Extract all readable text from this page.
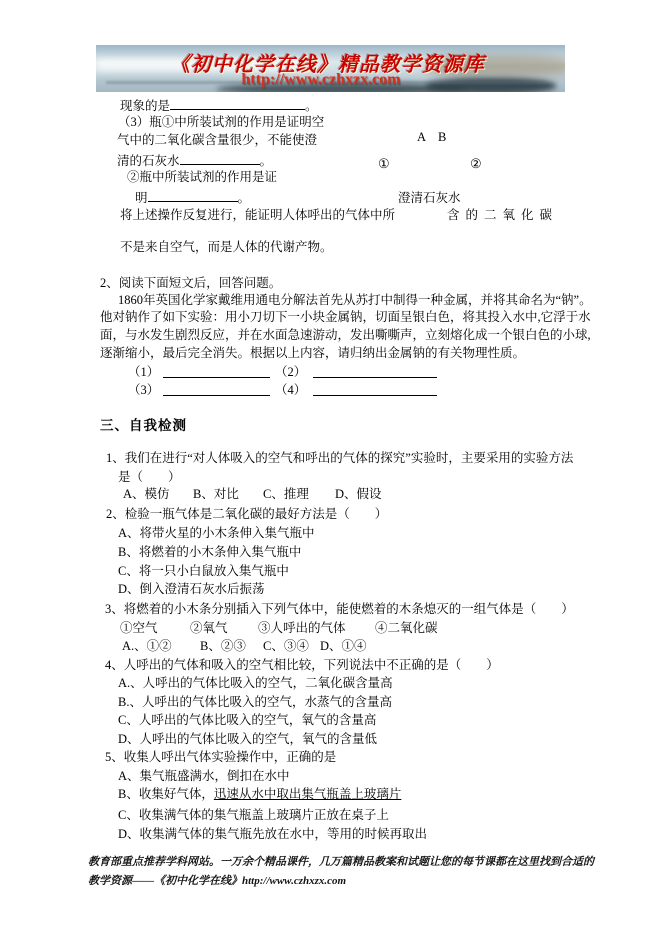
《初中化学在线》精品教学资源库
http://www.czhxzx.com
现象的是	。
（3）瓶①中所装试剂的作用是证明空
气中的二氧化碳含量很少，不能使澄
清的石灰水	。
②瓶中所装试剂的作用是证
明	。
A B
①	②
澄清石灰水
将上述操作反复进行，能证明人体呼出的气体中所	含的二氧化碳
不是来自空气，而是人体的代谢产物。
2、阅读下面短文后，回答问题。
1860年英国化学家戴维用通电分解法首先从苏打中制得一种金属，并将其命名为“钠”。
他对钠作了如下实验：用小刀切下一小块金属钠，切面呈银白色，将其投入水中,它浮于水
面，与水发生剧烈反应，并在水面急速游动，发出嘶嘶声，立刻熔化成一个银白色的小球,
逐渐缩小，最后完全消失。根据以上内容，请归纳出金属钠的有关物理性质。
（1）	（2）
（3）	（4）
三、自我检测
1、我们在进行“对人体吸入的空气和呼出的气体的探究”实验时，主要采用的实验方法
是（　　）
A、模仿 B、对比 C、推理 D、假设
2、检验一瓶气体是二氧化碳的最好方法是（　　）
A、将带火星的小木条伸入集气瓶中
B、将燃着的小木条伸入集气瓶中
C、将一只小白鼠放入集气瓶中
D、倒入澄清石灰水后振荡
3、将燃着的小木条分别插入下列气体中，能使燃着的木条熄灭的一组气体是（　　）
①空气	②氧气 ③人呼出的气体 ④二氧化碳
A.、①② B、②③ C、③④ D、①④
4、人呼出的气体和吸入的空气相比较，下列说法中不正确的是（　　）
A.、人呼出的气体比吸入的空气，二氧化碳含量高
B.、人呼出的气体比吸入的空气，水蒸气的含量高
C、人呼出的气体比吸入的空气，氧气的含量高
D、人呼出的气体比吸入的空气，氧气的含量低
5、收集人呼出气体实验操作中，正确的是
A、集气瓶盛满水，倒扣在水中
B、收集好气体，迅速从水中取出集气瓶盖上玻璃片
C、收集满气体的集气瓶盖上玻璃片正放在桌子上
D、收集满气体的集气瓶先放在水中，等用的时候再取出
教育部重点推荐学科网站。一万余个精品课件，几万篇精品教案和试题让您的每节课都在这里找到合适的
教学资源——《初中化学在线》http://www.czhxzx.com
